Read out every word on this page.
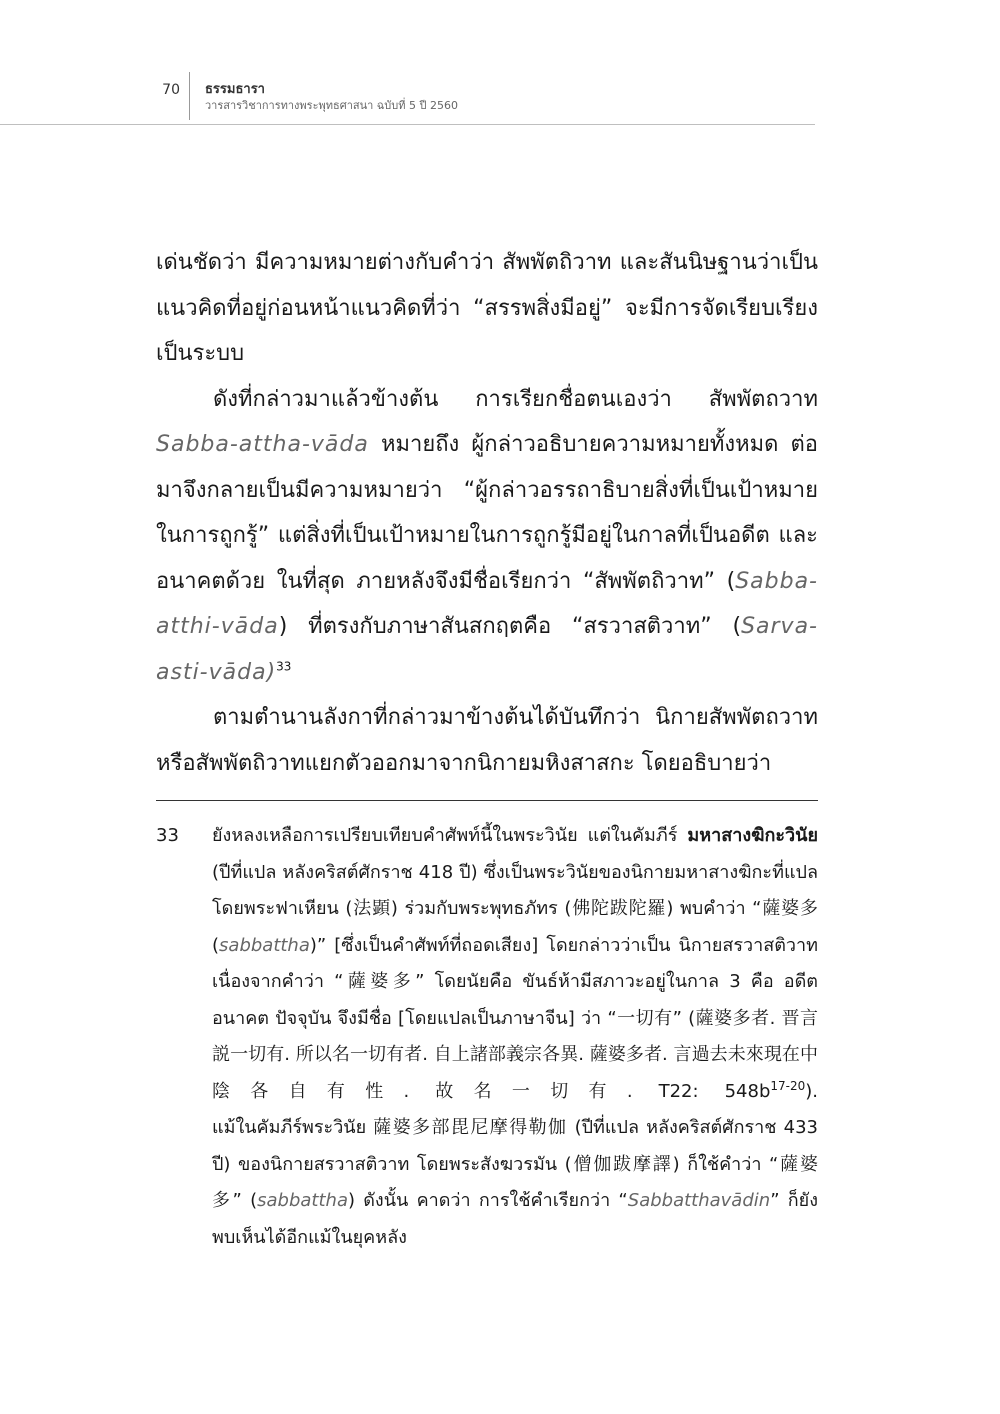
70 ธรรมธารา
วารสารวิชาการทางพระพุทธศาสนา ฉบับที่ 5 ปี 2560

เด่นชัดว่า มีความหมายต่างกับคำว่า สัพพัตถิวาท และสันนิษฐานว่าเป็นแนวคิดที่อยู่ก่อนหน้าแนวคิดที่ว่า “สรรพสิ่งมีอยู่” จะมีการจัดเรียบเรียงเป็นระบบ

ดังที่กล่าวมาแล้วข้างต้น การเรียกชื่อตนเองว่า สัพพัตถวาท Sabba-attha-vāda หมายถึง ผู้กล่าวอธิบายความหมายทั้งหมด ต่อมาจึงกลายเป็นมีความหมายว่า “ผู้กล่าวอรรถาธิบายสิ่งที่เป็นเป้าหมายในการถูกรู้” แต่สิ่งที่เป็นเป้าหมายในการถูกรู้มีอยู่ในกาลที่เป็นอดีต และอนาคตด้วย ในที่สุด ภายหลังจึงมีชื่อเรียกว่า “สัพพัตถิวาท” (Sabba-atthi-vāda) ที่ตรงกับภาษาสันสกฤตคือ “สรวาสติวาท” (Sarva-asti-vāda)$^{33}$

ตามตำนานลังกาที่กล่าวมาข้างต้นได้บันทึกว่า นิกายสัพพัตถวาท หรือสัพพัตถิวาทแยกตัวออกมาจากนิกายมหิงสาสกะ โดยอธิบายว่า

33	ยังหลงเหลือการเปรียบเทียบคำศัพท์นี้ในพระวินัย แต่ในคัมภีร์ มหาสางฆิกะวินัย (ปีที่แปล หลังคริสต์ศักราช 418 ปี) ซึ่งเป็นพระวินัยของนิกายมหาสางฆิกะที่แปลโดยพระฟาเหียน (法顕) ร่วมกับพระพุทธภัทร (佛陀跋陀羅) พบคำว่า “薩婆多 (sabbattha)” [ซึ่งเป็นคำศัพท์ที่ถอดเสียง] โดยกล่าวว่าเป็น นิกายสรวาสติวาท เนื่องจากคำว่า “薩婆多” โดยนัยคือ ขันธ์ห้ามีสภาวะอยู่ในกาล 3 คือ อดีต อนาคต ปัจจุบัน จึงมีชื่อ [โดยแปลเป็นภาษาจีน] ว่า “一切有” (薩婆多者. 晋言説一切有. 所以名一切有者. 自上諸部義宗各異. 薩婆多者. 言過去未來現在中陰各自有性. 故名一切有. T22: $548b^{17-20}$).

แม้ในคัมภีร์พระวินัย 薩婆多部毘尼摩得勒伽 (ปีที่แปล หลังคริสต์ศักราช 433 ปี) ของนิกายสรวาสติวาท โดยพระสังฆวรมัน (僧伽跋摩譯) ก็ใช้คำว่า “薩婆多” (sabbattha) ดังนั้น คาดว่า การใช้คำเรียกว่า “Sabbatthavādin” ก็ยังพบเห็นได้อีกแม้ในยุคหลัง
